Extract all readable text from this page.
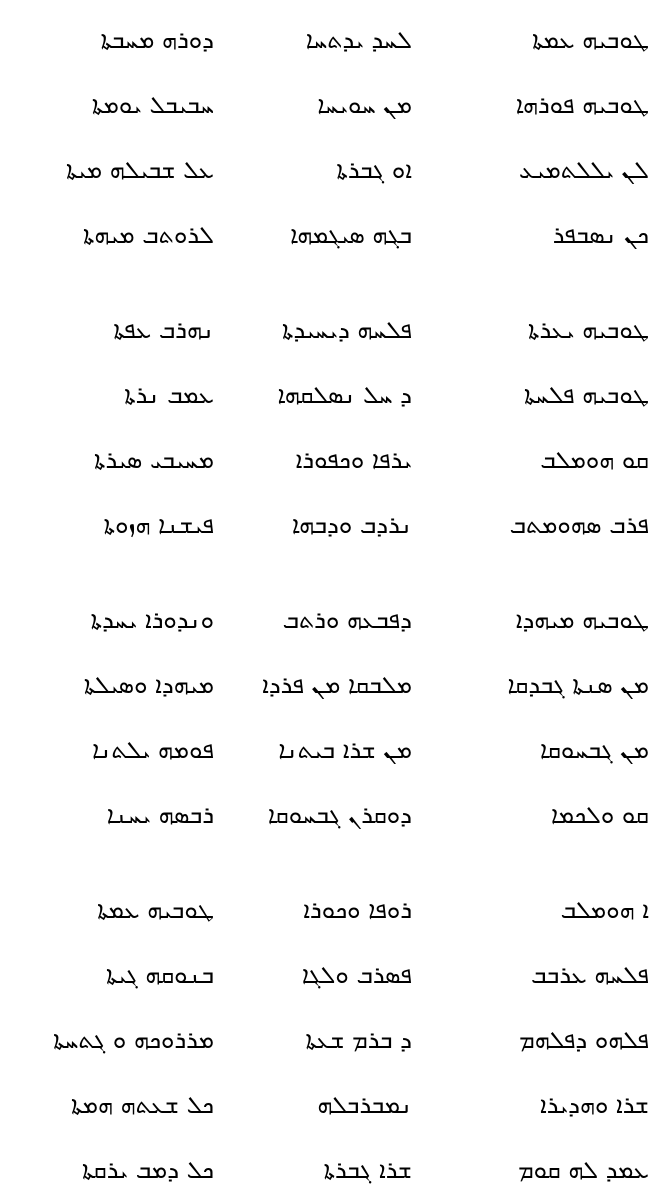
ܛܘܒܝܗ ܥܡܬܐ
ܠܚܕ ܝܕܬܚܐ
ܕܘܪܗ ܡܚܒܬܐ
ܛܘܒܝܗ ܦܘܪܗܐ
ܡܢ ܚܘܝܚܐ
ܚܒܝܒܠ ܝܘܡܬܐ
ܠܢ ܝܠܠܬܡܝܥ
ܐܘ ܓܒܪܬܐ
ܥܠ ܫܒܝܠܗ ܡܝܬܐ
ܟܢ ܢܣܒܦܪ
ܒܓܗ ܣܝܓܡܗܐ
ܠܪܘܬܒ ܡܝܗܬܐ
ܛܘܒܝܗ ܝܥܪܬܐ
ܦܠܚܗ ܕܝܚܝܕܬܐ
ܢܗܪܒ ܥܦܬܐ
ܛܘܒܝܗ ܦܠܚܬܐ
ܕ ܚܠ ܢܣܠܩܗܐ
ܥܡܒ ܢܪܬܐ
ܩܘ ܗܘܡܠܒ
ܝܪܦܐ ܘܟܦܘܪܐ
ܡܚܝܒܝ ܣܝܪܬܐ
ܦܪܒ ܣܗܘܡܬܒ
ܢܪܕܒ ܘܕܒܗܐ
ܦܝܫܢܐ ܗܙܘܬܐ
ܛܘܒܝܗ ܡܝܗܕܐ
ܕܦܒܥܗ ܘܪܬܒ
ܘܢܕܘܪܐ ܝܚܕܬܐ
ܡܢ ܣܢܬܐ ܓܒܕܩܐ
ܡܠܒܩܐ ܡܢ ܦܪܕܐ
ܡܝܗܕܐ ܘܣܝܠܬܐ
ܡܢ ܓܒܚܘܩܐ
ܡܢ ܫܪܐ ܒܝܬܢܐ
ܦܘܡܗ ܝܠܬܢܐ
ܩܘ ܘܠܟܡܐ
ܕܘܩܪܢ ܓܒܚܘܩܐ
ܪܒܣܗ ܝܚܢܐ
ܐ ܗܘܡܠܒ
ܪܘܦܐ ܘܟܘܪܐ
ܛܘܒܝܗ ܥܡܬܐ
ܦܠܚܗ ܥܪܒܒ
ܦܣܪܒ ܘܠܓܐ
ܒܢܘܩܗ ܓܝܬܐ
ܦܠܗܘ ܕܦܠܗܡ
ܕ ܒܪܡ ܫܥܬܐ
ܡܪܪܘܟܗ ܘ ܓܬܚܬܐ
ܫܪܐ ܘܗܕܝܪܐ
ܢܡܒܪܒܠܗ
ܟܠ ܫܥܬܗ ܗܡܬܐ
ܥܡܕ ܠܗ ܩܘܡ
ܫܪܐ ܓܒܪܬܐ
ܟܠ ܕܡܒ ܝܪܩܬܐ
